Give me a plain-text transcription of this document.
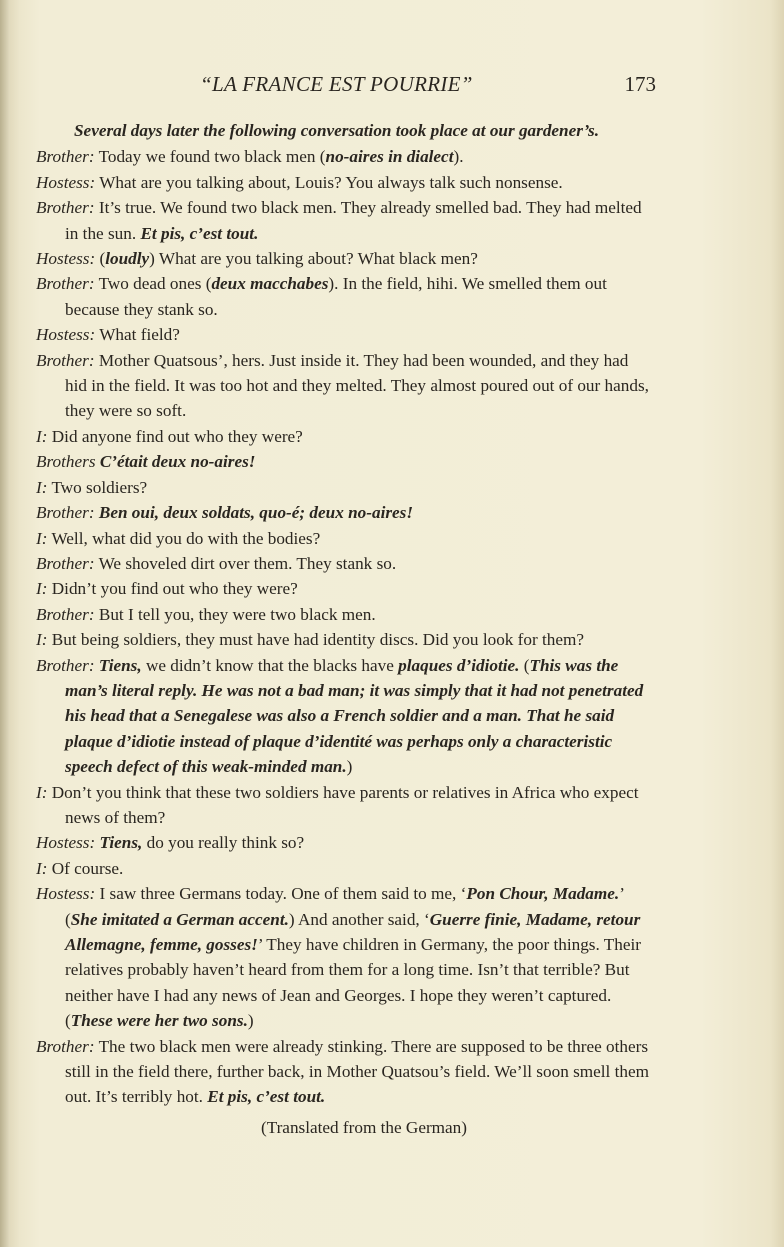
“LA FRANCE EST POURRIE”	173

Several days later the following conversation took place at our gardener’s.

Brother: Today we found two black men (no-aires in dialect).

Hostess: What are you talking about, Louis? You always talk such nonsense.

Brother: It’s true. We found two black men. They already smelled bad. They had melted in the sun. Et pis, c’est tout.

Hostess: (loudly) What are you talking about? What black men?

Brother: Two dead ones (deux macchabes). In the field, hihi. We smelled them out because they stank so.

Hostess: What field?

Brother: Mother Quatsous’, hers. Just inside it. They had been wounded, and they had hid in the field. It was too hot and they melted. They almost poured out of our hands, they were so soft.

I: Did anyone find out who they were?

Brothers C’était deux no-aires!

I: Two soldiers?

Brother: Ben oui, deux soldats, quo-é; deux no-aires!

I: Well, what did you do with the bodies?

Brother: We shoveled dirt over them. They stank so.

I: Didn’t you find out who they were?

Brother: But I tell you, they were two black men.

I: But being soldiers, they must have had identity discs. Did you look for them?

Brother: Tiens, we didn’t know that the blacks have plaques d’idiotie. (This was the man’s literal reply. He was not a bad man; it was simply that it had not penetrated his head that a Senegalese was also a French soldier and a man. That he said plaque d’idiotie instead of plaque d’identité was perhaps only a characteristic speech defect of this weak-minded man.)

I: Don’t you think that these two soldiers have parents or relatives in Africa who expect news of them?

Hostess: Tiens, do you really think so?

I: Of course.

Hostess: I saw three Germans today. One of them said to me, ‘Pon Chour, Madame.’ (She imitated a German accent.) And another said, ‘Guerre finie, Madame, retour Allemagne, femme, gosses!’ They have children in Germany, the poor things. Their relatives probably haven’t heard from them for a long time. Isn’t that terrible? But neither have I had any news of Jean and Georges. I hope they weren’t captured. (These were her two sons.)

Brother: The two black men were already stinking. There are supposed to be three others still in the field there, further back, in Mother Quatsou’s field. We’ll soon smell them out. It’s terribly hot. Et pis, c’est tout.

(Translated from the German)
